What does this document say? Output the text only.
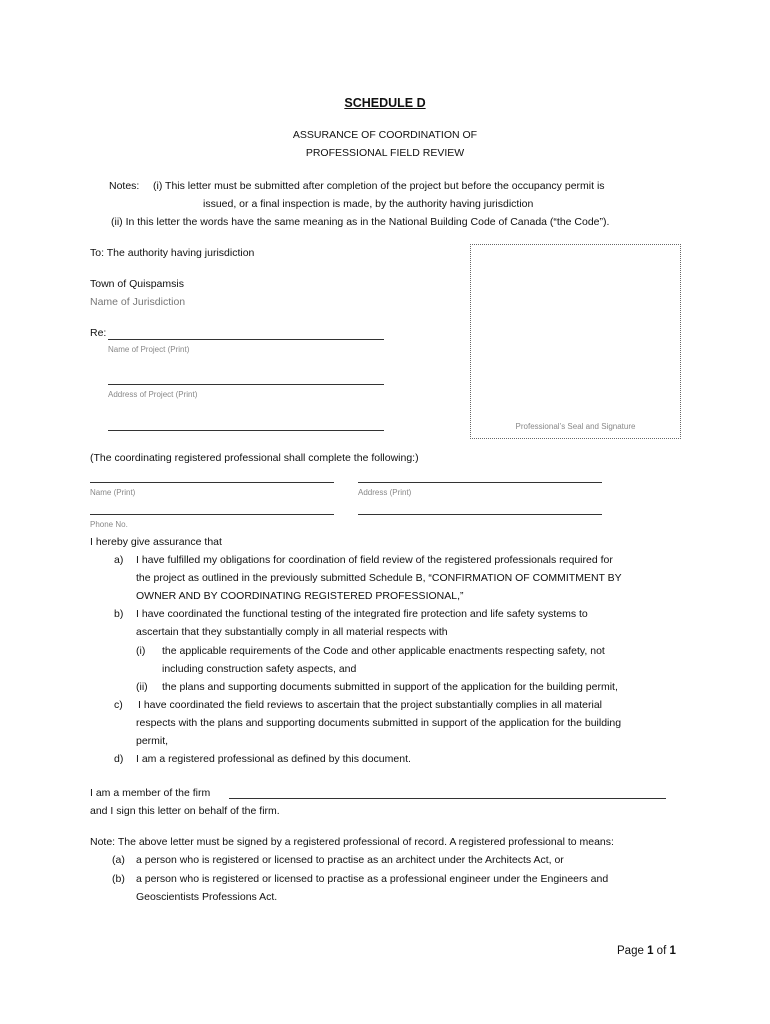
SCHEDULE D
ASSURANCE OF COORDINATION OF
PROFESSIONAL FIELD REVIEW
Notes: (i) This letter must be submitted after completion of the project but before the occupancy permit is
issued, or a final inspection is made, by the authority having jurisdiction
(ii) In this letter the words have the same meaning as in the National Building Code of Canada (“the Code”).
To: The authority having jurisdiction
Town of Quispamsis
Name of Jurisdiction
Re:
Name of Project (Print)
Address of Project (Print)
Professional’s Seal and Signature
(The coordinating registered professional shall complete the following:)
Name (Print)	Address (Print)
Phone No.
I hereby give assurance that
a) I have fulfilled my obligations for coordination of field review of the registered professionals required for
the project as outlined in the previously submitted Schedule B, “CONFIRMATION OF COMMITMENT BY
OWNER AND BY COORDINATING REGISTERED PROFESSIONAL,”
b) I have coordinated the functional testing of the integrated fire protection and life safety systems to
ascertain that they substantially comply in all material respects with
(i) the applicable requirements of the Code and other applicable enactments respecting safety, not
including construction safety aspects, and
(ii) the plans and supporting documents submitted in support of the application for the building permit,
c) I have coordinated the field reviews to ascertain that the project substantially complies in all material
respects with the plans and supporting documents submitted in support of the application for the building
permit,
d) I am a registered professional as defined by this document.
I am a member of the firm
and I sign this letter on behalf of the firm.
Note: The above letter must be signed by a registered professional of record. A registered professional to means:
(a) a person who is registered or licensed to practise as an architect under the Architects Act, or
(b) a person who is registered or licensed to practise as a professional engineer under the Engineers and
Geoscientists Professions Act.
Page 1 of 1
